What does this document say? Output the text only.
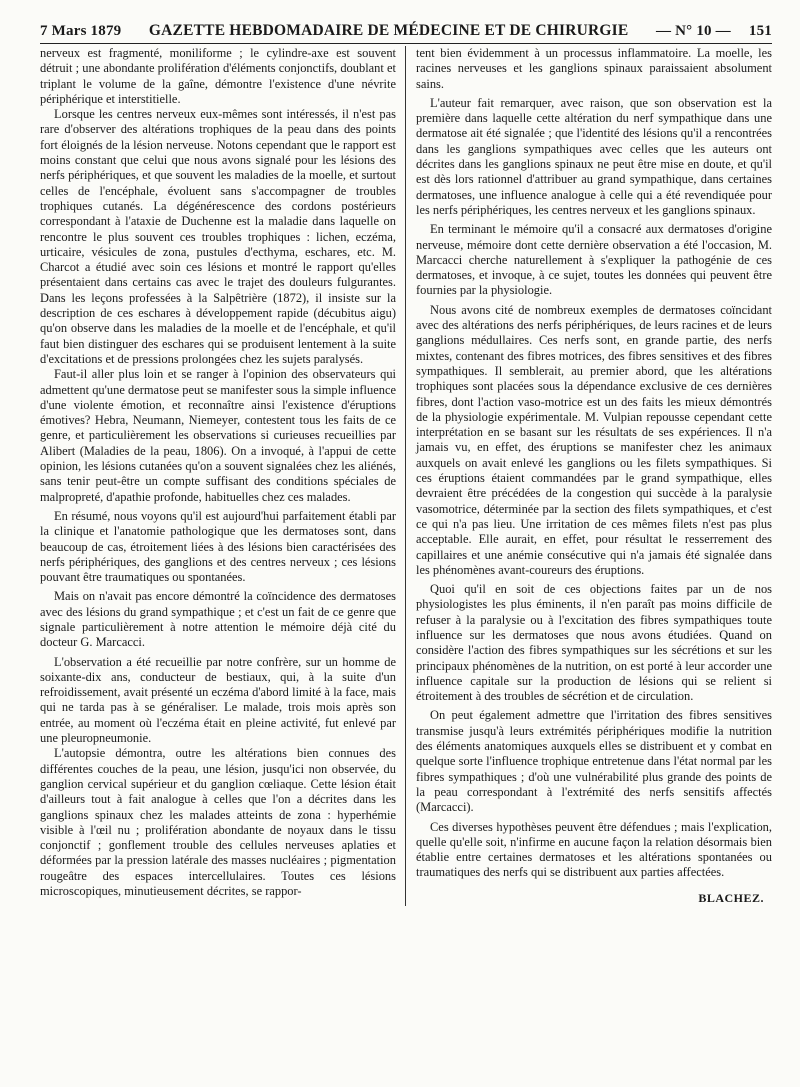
7 Mars 1879 GAZETTE HEBDOMADAIRE DE MÉDECINE ET DE CHIRURGIE — N° 10 — 151

nerveux est fragmenté, moniliforme ; le cylindre-axe est souvent détruit ; une abondante prolifération d'éléments conjonctifs, doublant et triplant le volume de la gaîne, démontre l'existence d'une névrite périphérique et interstitielle.

Lorsque les centres nerveux eux-mêmes sont intéressés, il n'est pas rare d'observer des altérations trophiques de la peau dans des points fort éloignés de la lésion nerveuse. Notons cependant que le rapport est moins constant que celui que nous avons signalé pour les lésions des nerfs périphériques, et que souvent les maladies de la moelle, et surtout celles de l'encéphale, évoluent sans s'accompagner de troubles trophiques cutanés. La dégénérescence des cordons postérieurs correspondant à l'ataxie de Duchenne est la maladie dans laquelle on rencontre le plus souvent ces troubles trophiques : lichen, eczéma, urticaire, vésicules de zona, pustules d'ecthyma, eschares, etc. M. Charcot a étudié avec soin ces lésions et montré le rapport qu'elles présentaient dans certains cas avec le trajet des douleurs fulgurantes. Dans les leçons professées à la Salpêtrière (1872), il insiste sur la description de ces eschares à développement rapide (décubitus aigu) qu'on observe dans les maladies de la moelle et de l'encéphale, et qu'il faut bien distinguer des eschares qui se produisent lentement à la suite d'excitations et de pressions prolongées chez les sujets paralysés.

Faut-il aller plus loin et se ranger à l'opinion des observateurs qui admettent qu'une dermatose peut se manifester sous la simple influence d'une violente émotion, et reconnaître ainsi l'existence d'éruptions émotives? Hebra, Neumann, Niemeyer, contestent tous les faits de ce genre, et particulièrement les observations si curieuses recueillies par Alibert (Maladies de la peau, 1806). On a invoqué, à l'appui de cette opinion, les lésions cutanées qu'on a souvent signalées chez les aliénés, sans tenir peut-être un compte suffisant des conditions spéciales de malpropreté, d'apathie profonde, habituelles chez ces malades.

En résumé, nous voyons qu'il est aujourd'hui parfaitement établi par la clinique et l'anatomie pathologique que les dermatoses sont, dans beaucoup de cas, étroitement liées à des lésions bien caractérisées des nerfs périphériques, des ganglions et des centres nerveux ; ces lésions pouvant être traumatiques ou spontanées.

Mais on n'avait pas encore démontré la coïncidence des dermatoses avec des lésions du grand sympathique ; et c'est un fait de ce genre que signale particulièrement à notre attention le mémoire déjà cité du docteur G. Marcacci.

L'observation a été recueillie par notre confrère, sur un homme de soixante-dix ans, conducteur de bestiaux, qui, à la suite d'un refroidissement, avait présenté un eczéma d'abord limité à la face, mais qui ne tarda pas à se généraliser. Le malade, trois mois après son entrée, au moment où l'eczéma était en pleine activité, fut enlevé par une pleuropneumonie.

L'autopsie démontra, outre les altérations bien connues des différentes couches de la peau, une lésion, jusqu'ici non observée, du ganglion cervical supérieur et du ganglion cœliaque. Cette lésion était d'ailleurs tout à fait analogue à celles que l'on a décrites dans les ganglions spinaux chez les malades atteints de zona : hyperhémie visible à l'œil nu ; prolifération abondante de noyaux dans le tissu conjonctif ; gonflement trouble des cellules nerveuses aplaties et déformées par la pression latérale des masses nucléaires ; pigmentation rougeâtre des espaces intercellulaires. Toutes ces lésions microscopiques, minutieusement décrites, se rappor-

tent bien évidemment à un processus inflammatoire. La moelle, les racines nerveuses et les ganglions spinaux paraissaient absolument sains.

L'auteur fait remarquer, avec raison, que son observation est la première dans laquelle cette altération du nerf sympathique dans une dermatose ait été signalée ; que l'identité des lésions qu'il a rencontrées dans les ganglions sympathiques avec celles que les auteurs ont décrites dans les ganglions spinaux ne peut être mise en doute, et qu'il est dès lors rationnel d'attribuer au grand sympathique, dans certaines dermatoses, une influence analogue à celle qui a été revendiquée pour les nerfs périphériques, les centres nerveux et les ganglions spinaux.

En terminant le mémoire qu'il a consacré aux dermatoses d'origine nerveuse, mémoire dont cette dernière observation a été l'occasion, M. Marcacci cherche naturellement à s'expliquer la pathogénie de ces dermatoses, et invoque, à ce sujet, toutes les données qui peuvent être fournies par la physiologie.

Nous avons cité de nombreux exemples de dermatoses coïncidant avec des altérations des nerfs périphériques, de leurs racines et de leurs ganglions médullaires. Ces nerfs sont, en grande partie, des nerfs mixtes, contenant des fibres motrices, des fibres sensitives et des fibres sympathiques. Il semblerait, au premier abord, que les altérations trophiques sont placées sous la dépendance exclusive de ces dernières fibres, dont l'action vaso-motrice est un des faits les mieux démontrés de la physiologie expérimentale. M. Vulpian repousse cependant cette interprétation en se basant sur les résultats de ses expériences. Il n'a jamais vu, en effet, des éruptions se manifester chez les animaux auxquels on avait enlevé les ganglions ou les filets sympathiques. Si ces éruptions étaient commandées par le grand sympathique, elles devraient être précédées de la congestion qui succède à la paralysie vasomotrice, déterminée par la section des filets sympathiques, et c'est ce qui n'a pas lieu. Une irritation de ces mêmes filets n'est pas plus acceptable. Elle aurait, en effet, pour résultat le resserrement des capillaires et une anémie consécutive qui n'a jamais été signalée dans les phénomènes avant-coureurs des éruptions.

Quoi qu'il en soit de ces objections faites par un de nos physiologistes les plus éminents, il n'en paraît pas moins difficile de refuser à la paralysie ou à l'excitation des fibres sympathiques toute influence sur les dermatoses que nous avons étudiées. Quand on considère l'action des fibres sympathiques sur les sécrétions et sur les principaux phénomènes de la nutrition, on est porté à leur accorder une influence capitale sur la production de lésions qui se relient si étroitement à des troubles de sécrétion et de circulation.

On peut également admettre que l'irritation des fibres sensitives transmise jusqu'à leurs extrémités périphériques modifie la nutrition des éléments anatomiques auxquels elles se distribuent et y combat en quelque sorte l'influence trophique entretenue dans l'état normal par les fibres sympathiques ; d'où une vulnérabilité plus grande des points de la peau correspondant à l'extrémité des nerfs sensitifs affectés (Marcacci).

Ces diverses hypothèses peuvent être défendues ; mais l'explication, quelle qu'elle soit, n'infirme en aucune façon la relation désormais bien établie entre certaines dermatoses et les altérations spontanées ou traumatiques des nerfs qui se distribuent aux parties affectées.

BLACHEZ.
